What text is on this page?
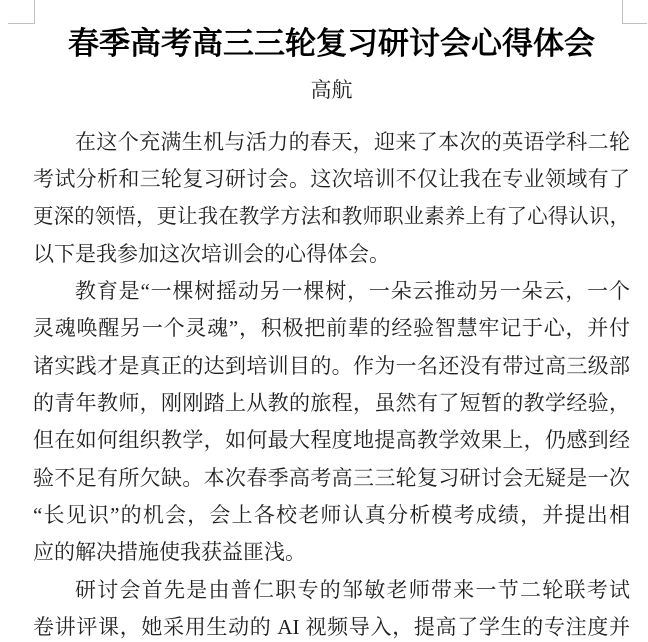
春季高考高三三轮复习研讨会心得体会
高航
在这个充满生机与活力的春天，迎来了本次的英语学科二轮
考试分析和三轮复习研讨会。这次培训不仅让我在专业领域有了
更深的领悟，更让我在教学方法和教师职业素养上有了心得认识，
以下是我参加这次培训会的心得体会。
教育是“一棵树摇动另一棵树，一朵云推动另一朵云，一个
灵魂唤醒另一个灵魂”，积极把前辈的经验智慧牢记于心，并付
诸实践才是真正的达到培训目的。作为一名还没有带过高三级部
的青年教师，刚刚踏上从教的旅程，虽然有了短暂的教学经验，
但在如何组织教学，如何最大程度地提高教学效果上，仍感到经
验不足有所欠缺。本次春季高考高三三轮复习研讨会无疑是一次
“长见识”的机会，会上各校老师认真分析模考成绩，并提出相
应的解决措施使我获益匪浅。
研讨会首先是由普仁职专的邹敏老师带来一节二轮联考试
卷讲评课，她采用生动的 AI 视频导入，提高了学生的专注度并
